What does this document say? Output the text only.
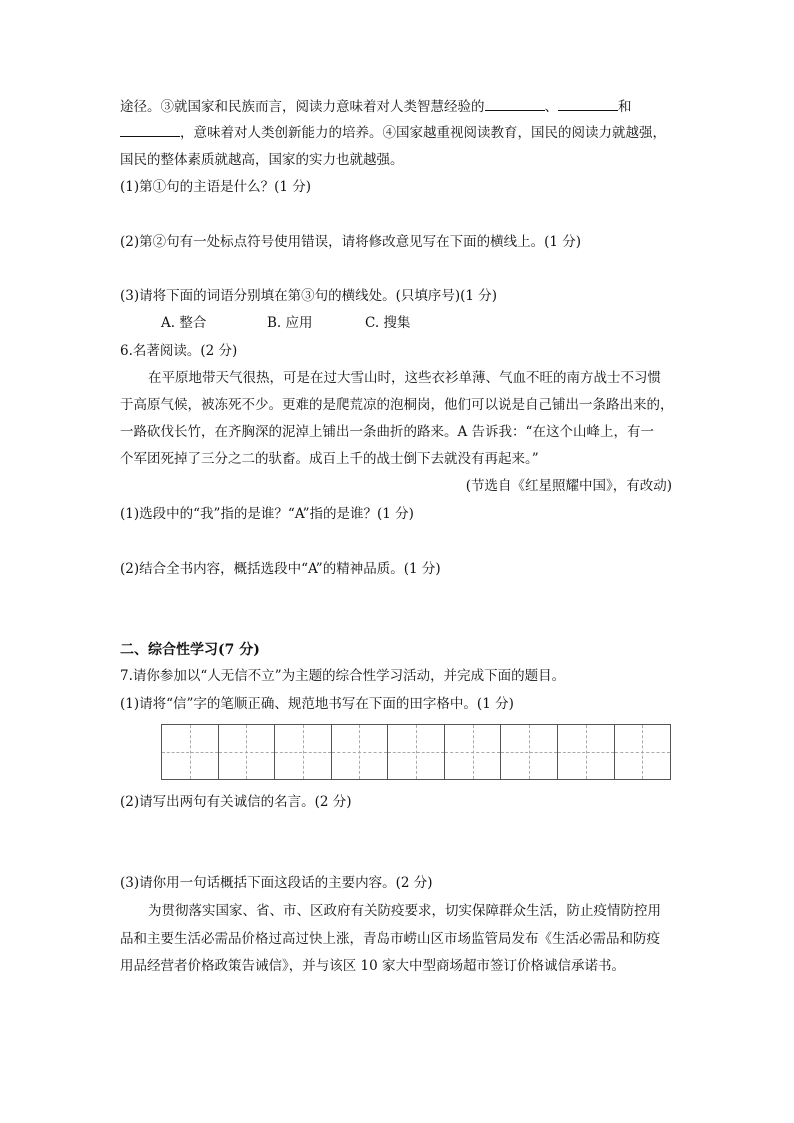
途径。③就国家和民族而言，阅读力意味着对人类智慧经验的	、	和
，意味着对人类创新能力的培养。④国家越重视阅读教育，国民的阅读力就越强，
国民的整体素质就越高，国家的实力也就越强。
(1)第①句的主语是什么？(1 分)
(2)第②句有一处标点符号使用错误，请将修改意见写在下面的横线上。(1 分)
(3)请将下面的词语分别填在第③句的横线处。(只填序号)(1 分)
A. 整合	B. 应用	C. 搜集
6.名著阅读。(2 分)
在平原地带天气很热，可是在过大雪山时，这些衣衫单薄、气血不旺的南方战士不习惯
于高原气候，被冻死不少。更难的是爬荒凉的泡桐岗，他们可以说是自己铺出一条路出来的，
一路砍伐长竹，在齐胸深的泥淖上铺出一条曲折的路来。A 告诉我：“在这个山峰上，有一
个军团死掉了三分之二的驮畜。成百上千的战士倒下去就没有再起来。”
(节选自《红星照耀中国》，有改动)
(1)选段中的“我”指的是谁？“A”指的是谁？(1 分)
(2)结合全书内容，概括选段中“A”的精神品质。(1 分)
二、综合性学习(7 分)
7.请你参加以“人无信不立”为主题的综合性学习活动，并完成下面的题目。
(1)请将“信”字的笔顺正确、规范地书写在下面的田字格中。(1 分)
(2)请写出两句有关诚信的名言。(2 分)
(3)请你用一句话概括下面这段话的主要内容。(2 分)
为贯彻落实国家、省、市、区政府有关防疫要求，切实保障群众生活，防止疫情防控用
品和主要生活必需品价格过高过快上涨，青岛市崂山区市场监管局发布《生活必需品和防疫
用品经营者价格政策告诫信》，并与该区 10 家大中型商场超市签订价格诚信承诺书。
